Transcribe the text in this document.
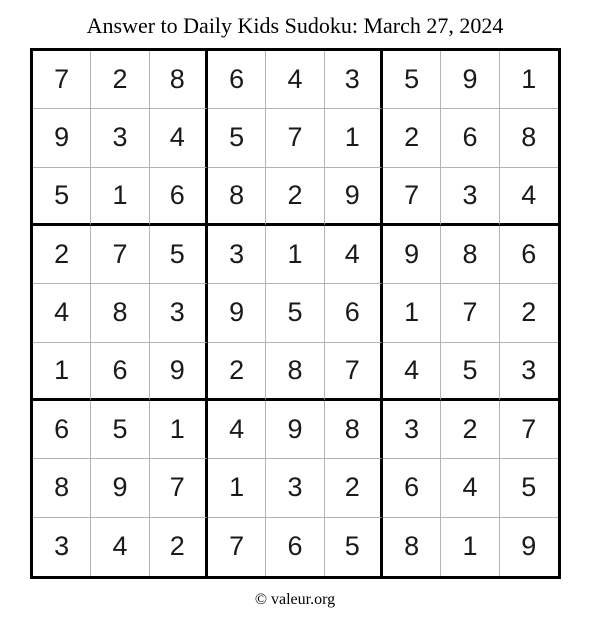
Answer to Daily Kids Sudoku: March 27, 2024
7	2	8	6	4	3	5	9	1
9	3	4	5	7	1	2	6	8
5	1	6	8	2	9	7	3	4
2	7	5	3	1	4	9	8	6
4	8	3	9	5	6	1	7	2
1	6	9	2	8	7	4	5	3
6	5	1	4	9	8	3	2	7
8	9	7	1	3	2	6	4	5
3	4	2	7	6	5	8	1	9
© valeur.org
